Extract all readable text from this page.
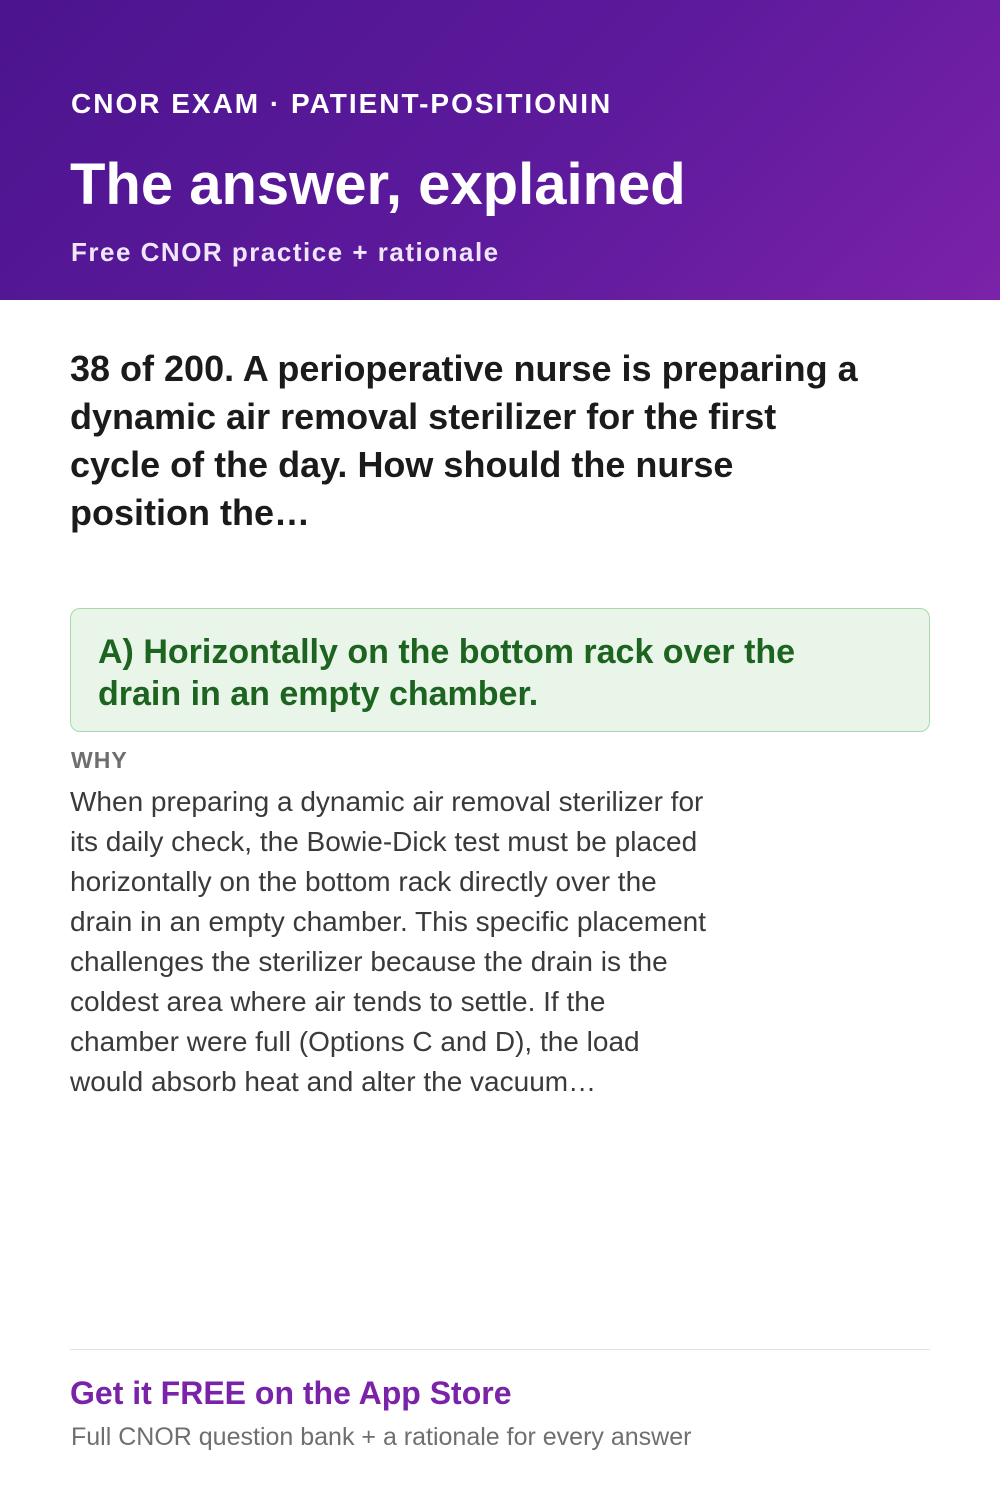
CNOR EXAM · PATIENT-POSITIONIN
The answer, explained
Free CNOR practice + rationale
38 of 200. A perioperative nurse is preparing a dynamic air removal sterilizer for the first cycle of the day. How should the nurse position the…
A) Horizontally on the bottom rack over the drain in an empty chamber.
WHY
When preparing a dynamic air removal sterilizer for its daily check, the Bowie-Dick test must be placed horizontally on the bottom rack directly over the drain in an empty chamber. This specific placement challenges the sterilizer because the drain is the coldest area where air tends to settle. If the chamber were full (Options C and D), the load would absorb heat and alter the vacuum…
Get it FREE on the App Store
Full CNOR question bank + a rationale for every answer
